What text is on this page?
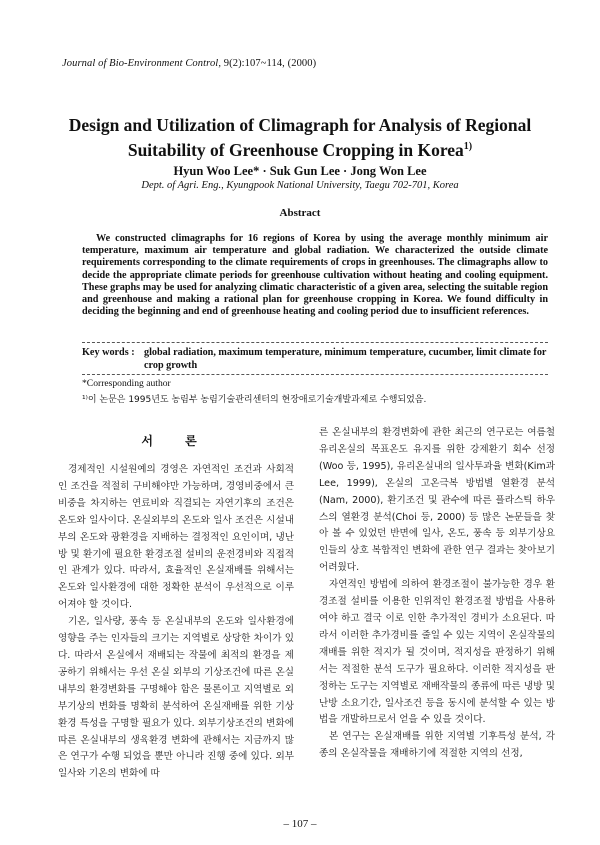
Journal of Bio-Environment Control, 9(2):107~114, (2000)
Design and Utilization of Climagraph for Analysis of Regional
Suitability of Greenhouse Cropping in Korea$^{1)}$
Hyun Woo Lee* · Suk Gun Lee · Jong Won Lee
Dept. of Agri. Eng., Kyungpook National University, Taegu 702-701, Korea
Abstract

We constructed climagraphs for 16 regions of Korea by using the average monthly minimum air temperature, maximum air temperature and global radiation. We characterized the outside climate requirements corresponding to the climate requirements of crops in greenhouses. The climagraphs allow to decide the appropriate climate periods for greenhouse cultivation without heating and cooling equipment. These graphs may be used for analyzing climatic characteristic of a given area, selecting the suitable region and greenhouse and making a rational plan for greenhouse cropping in Korea. We found difficulty in deciding the beginning and end of greenhouse heating and cooling period due to insufficient references.

Key words : global radiation, maximum temperature, minimum temperature, cucumber, limit climate for crop growth
*Corresponding author
¹⁾이 논문은 1995년도 농림부 농림기술관리센터의 현장애로기술개발과제로 수행되었음.
서 론

경제적인 시설원예의 경영은 자연적인 조건과 사회적인 조건을 적절히 구비해야만 가능하며, 경영비중에서 큰 비중을 차지하는 연료비와 직결되는 자연기후의 조건은 온도와 일사이다. 온실외부의 온도와 일사 조건은 시설내부의 온도와 광환경을 지배하는 결정적인 요인이며, 냉난방 및 환기에 필요한 환경조절 설비의 운전경비와 직접적인 관계가 있다. 따라서, 효율적인 온실재배를 위해서는 온도와 일사환경에 대한 정확한 분석이 우선적으로 이루어져야 할 것이다.

기온, 일사량, 풍속 등 온실내부의 온도와 일사환경에 영향을 주는 인자들의 크기는 지역별로 상당한 차이가 있다. 따라서 온실에서 재배되는 작물에 최적의 환경을 제공하기 위해서는 우선 온실 외부의 기상조건에 따른 온실내부의 환경변화를 구명해야 함은 물론이고 지역별로 외부기상의 변화를 명확히 분석하여 온실재배를 위한 기상환경 특성을 구명할 필요가 있다. 외부기상조건의 변화에 따른 온실내부의 생육환경 변화에 관해서는 지금까지 많은 연구가 수행 되었을 뿐만 아니라 진행 중에 있다. 외부일사와 기온의 변화에 따

른 온실내부의 환경변화에 관한 최근의 연구로는 여름철 유리온실의 목표온도 유지를 위한 강제환기 회수 선정(Woo 등, 1995), 유리온실내의 일사투과율 변화(Kim과 Lee, 1999), 온실의 고온극복 방법별 열환경 분석(Nam, 2000), 환기조건 및 관수에 따른 플라스틱 하우스의 열환경 분석(Choi 등, 2000) 등 많은 논문들을 찾아 볼 수 있었던 반면에 일사, 온도, 풍속 등 외부기상요인들의 상호 복합적인 변화에 관한 연구 결과는 찾아보기 어려웠다.

자연적인 방법에 의하여 환경조절이 불가능한 경우 환경조절 설비를 이용한 인위적인 환경조절 방법을 사용하여야 하고 결국 이로 인한 추가적인 경비가 소요된다. 따라서 이러한 추가경비를 줄일 수 있는 지역이 온실작물의 재배를 위한 적지가 될 것이며, 적지성을 판정하기 위해서는 적절한 분석 도구가 필요하다. 이러한 적지성을 판정하는 도구는 지역별로 재배작물의 종류에 따른 냉방 및 난방 소요기간, 일사조건 등을 동시에 분석할 수 있는 방법을 개발하므로서 얻을 수 있을 것이다.

본 연구는 온실재배를 위한 지역별 기후특성 분석, 각종의 온실작물을 재배하기에 적절한 지역의 선정,

– 107 –
